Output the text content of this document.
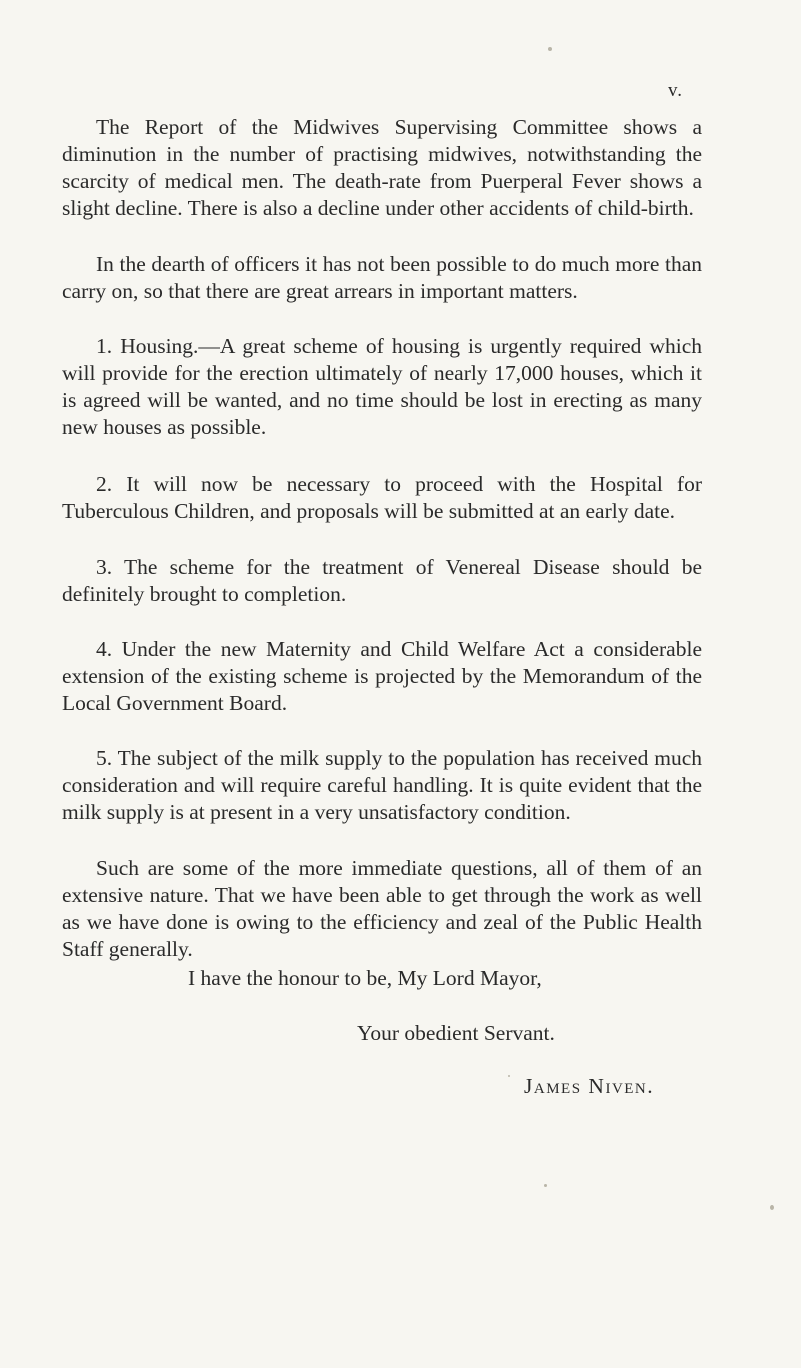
v.

The Report of the Midwives Supervising Committee shows a diminution in the number of practising midwives, notwithstanding the scarcity of medical men. The death-rate from Puerperal Fever shows a slight decline. There is also a decline under other accidents of child-birth.

In the dearth of officers it has not been possible to do much more than carry on, so that there are great arrears in important matters.

1. Housing.—A great scheme of housing is urgently required which will provide for the erection ultimately of nearly 17,000 houses, which it is agreed will be wanted, and no time should be lost in erecting as many new houses as possible.

2. It will now be necessary to proceed with the Hospital for Tuberculous Children, and proposals will be submitted at an early date.

3. The scheme for the treatment of Venereal Disease should be definitely brought to completion.

4. Under the new Maternity and Child Welfare Act a considerable extension of the existing scheme is projected by the Memorandum of the Local Government Board.

5. The subject of the milk supply to the population has received much consideration and will require careful handling. It is quite evident that the milk supply is at present in a very unsatisfactory condition.

Such are some of the more immediate questions, all of them of an extensive nature. That we have been able to get through the work as well as we have done is owing to the efficiency and zeal of the Public Health Staff generally.

I have the honour to be, My Lord Mayor,

Your obedient Servant.

James Niven.
